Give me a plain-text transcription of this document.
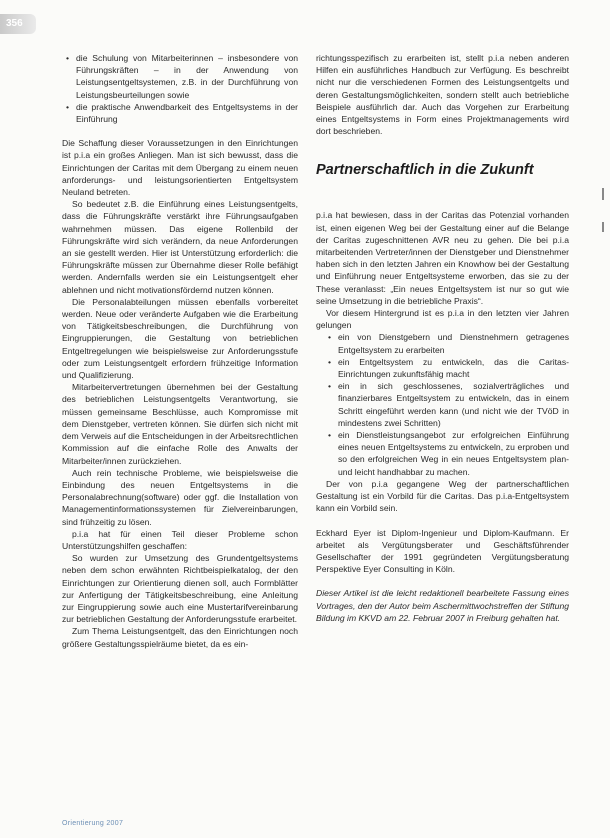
356
• die Schulung von Mitarbeiterinnen – insbesondere von Führungskräften – in der Anwendung von Leistungsentgeltsystemen, z.B. in der Durchführung von Leistungsbeurteilungen sowie
• die praktische Anwendbarkeit des Entgeltsystems in der Einführung

Die Schaffung dieser Voraussetzungen in den Einrichtungen ist p.i.a ein großes Anliegen. Man ist sich bewusst, dass die Einrichtungen der Caritas mit dem Übergang zu einem neuen anforderungs- und leistungsorientierten Entgeltsystem Neuland betreten.

So bedeutet z.B. die Einführung eines Leistungsentgelts, dass die Führungskräfte verstärkt ihre Führungsaufgaben wahrnehmen müssen. Das eigene Rollenbild der Führungskräfte wird sich verändern, da neue Anforderungen an sie gestellt werden. Hier ist Unterstützung erforderlich: die Führungskräfte müssen zur Übernahme dieser Rolle befähigt werden. Andernfalls werden sie ein Leistungsentgelt eher ablehnen und nicht motivationsfördernd nutzen können.

Die Personalabteilungen müssen ebenfalls vorbereitet werden. Neue oder veränderte Aufgaben wie die Erarbeitung von Tätigkeitsbeschreibungen, die Durchführung von Eingruppierungen, die Gestaltung von betrieblichen Entgeltregelungen wie beispielsweise zur Anforderungsstufe oder zum Leistungsentgelt erfordern frühzeitige Information und Qualifizierung.

Mitarbeitervertretungen übernehmen bei der Gestaltung des betrieblichen Leistungsentgelts Verantwortung, sie müssen gemeinsame Beschlüsse, auch Kompromisse mit dem Dienstgeber, vertreten können. Sie dürfen sich nicht mit dem Verweis auf die Entscheidungen in der Arbeitsrechtlichen Kommission auf die einfache Rolle des Anwalts der Mitarbeiter/innen zurückziehen.

Auch rein technische Probleme, wie beispielsweise die Einbindung des neuen Entgeltsystems in die Personalabrechnung(software) oder ggf. die Installation von Managementinformationssystemen für Zielvereinbarungen, sind frühzeitig zu lösen.

p.i.a hat für einen Teil dieser Probleme schon Unterstützungshilfen geschaffen:

So wurden zur Umsetzung des Grundentgeltsystems neben dem schon erwähnten Richtbeispielkatalog, der den Einrichtungen zur Orientierung dienen soll, auch Formblätter zur Anfertigung der Tätigkeitsbeschreibung, eine Anleitung zur Eingruppierung sowie auch eine Mustertarifvereinbarung zur betrieblichen Gestaltung der Anforderungsstufe erarbeitet.

Zum Thema Leistungsentgelt, das den Einrichtungen noch größere Gestaltungsspielräume bietet, da es ein-

richtungsspezifisch zu erarbeiten ist, stellt p.i.a neben anderen Hilfen ein ausführliches Handbuch zur Verfügung. Es beschreibt nicht nur die verschiedenen Formen des Leistungsentgelts und deren Gestaltungsmöglichkeiten, sondern stellt auch betriebliche Beispiele ausführlich dar. Auch das Vorgehen zur Erarbeitung eines Entgeltsystems in Form eines Projektmanagements wird dort beschrieben.

Partnerschaftlich in die Zukunft

p.i.a hat bewiesen, dass in der Caritas das Potenzial vorhanden ist, einen eigenen Weg bei der Gestaltung einer auf die Belange der Caritas zugeschnittenen AVR neu zu gehen. Die bei p.i.a mitarbeitenden Vertreter/innen der Dienstgeber und Dienstnehmer haben sich in den letzten Jahren ein Knowhow bei der Gestaltung und Einführung neuer Entgeltsysteme erworben, das sie zu der These veranlasst: „Ein neues Entgeltsystem ist nur so gut wie seine Umsetzung in die betriebliche Praxis“.

Vor diesem Hintergrund ist es p.i.a in den letzten vier Jahren gelungen

• ein von Dienstgebern und Dienstnehmern getragenes Entgeltsystem zu erarbeiten
• ein Entgeltsystem zu entwickeln, das die Caritas-Einrichtungen zukunftsfähig macht
• ein in sich geschlossenes, sozialverträgliches und finanzierbares Entgeltsystem zu entwickeln, das in einem Schritt eingeführt werden kann (und nicht wie der TVöD in mindestens zwei Schritten)
• ein Dienstleistungsangebot zur erfolgreichen Einführung eines neuen Entgeltsystems zu entwickeln, zu erproben und so den erfolgreichen Weg in ein neues Entgeltsystem plan- und leicht handhabbar zu machen.

Der von p.i.a gegangene Weg der partnerschaftlichen Gestaltung ist ein Vorbild für die Caritas. Das p.i.a-Entgeltsystem kann ein Vorbild sein.

Eckhard Eyer ist Diplom-Ingenieur und Diplom-Kaufmann. Er arbeitet als Vergütungsberater und Geschäftsführender Gesellschafter der 1991 gegründeten Vergütungsberatung Perspektive Eyer Consulting in Köln.

Dieser Artikel ist die leicht redaktionell bearbeitete Fassung eines Vortrages, den der Autor beim Aschermittwochstreffen der Stiftung Bildung im KKVD am 22. Februar 2007 in Freiburg gehalten hat.

Orientierung 2007
